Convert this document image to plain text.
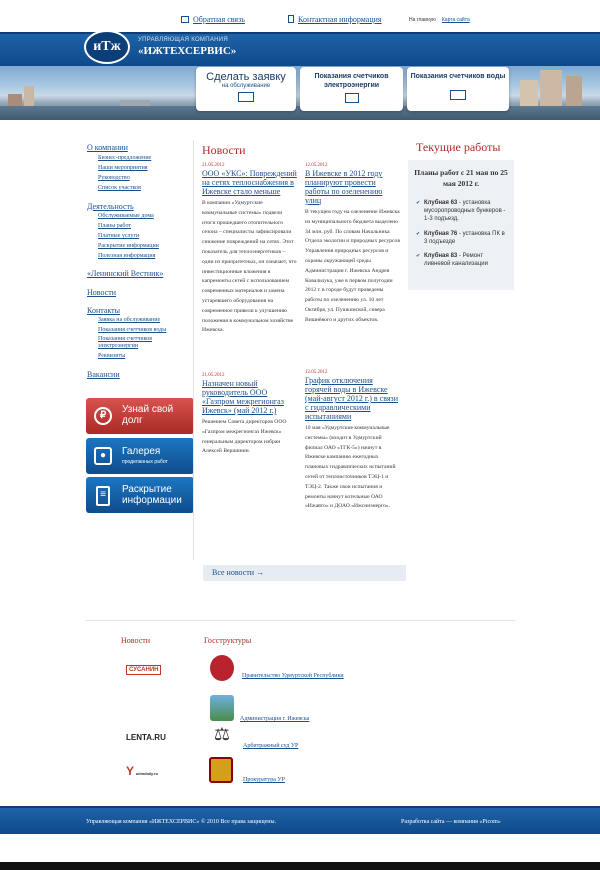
Обратная связь	Контактная информация	На главную Карта сайта
иТж	УПРАВЛЯЮЩАЯ КОМПАНИЯ
«ИЖТЕХСЕРВИС»
Сделать заявку
на обслуживание
Показания счетчиков электроэнергии
Показания счетчиков воды
О компании
Бизнес-предложение
Наши мероприятия
Руководство
Список участков
Деятельность
Обслуживаемые дома
Планы работ
Платные услуги
Раскрытие информации
Полезная информация
«Ленинский Вестник»
Новости
Контакты
Заявка на обслуживание
Показания счетчиков воды
Показания счетчиков электроэнергии
Реквизиты
Вакансии
₽
Узнай свой долг
●	Галерея
проделанных работ
≡	Раскрытие информации
Новости
21.05.2012
ООО «УКС»: Повреждений на сетях теплоснабжения в Ижевске стало меньше
В компании «Удмуртские коммунальные системы» подвели итоги прошедшего отопительного сезона – специалисты зафиксировали снижение повреждений на сетях. Этот показатель для теплоэнергетиков – одни из приоритетных, он означает, что инвестиционные вложения в капремонты сетей с использованием современных материалов и замена устаревшего оборудования на современное привели к улучшению положения в коммунальном хозяйстве Ижевска.
21.05.2012
Назначен новый руководитель ООО «Газпром межрегионгаз Ижевск» (май 2012 г.)
Решением Совета директоров ООО «Газпром межрегионгаз Ижевск» генеральным директором избран Алексей Вершинин.
12.05.2012
В Ижевске в 2012 году планируют провести работы по озеленению улиц
В текущем году на озеленение Ижевска из муниципального бюджета выделено 34 млн. руб. По словам Начальника Отдела экологии и природных ресурсов Управления природных ресурсов и охраны окружающей среды Администрации г. Ижевска Андрея Ковальчука, уже в первом полугодии 2012 г. в городе будут проведены работы по озеленению ул. 10 лет Октября, ул. Пушкинской, сквера Вишнёвого и других объектов.
12.05.2012
График отключения горячей воды в Ижевске (май-август 2012 г.) в связи с гидравлическими испытаниями
10 мая «Удмуртские коммунальные системы» (входит в Удмуртский филиал ОАО «ТГК-5») начнут в Ижевске кампанию ежегодных плановых гидравлических испытаний сетей от теплоисточников ТЭЦ-1 и ТЭЦ-2. Также свои испытания и ремонты начнут котельные ОАО «Ижавто» и ДОАО «Ижсинэнерго».
Все новости →
Текущие работы
Планы работ с 21 мая по 25 мая 2012 г.
✔ Клубная 63 - установка мусоропроводных бункеров - 1-3 подъезд.
✔ Клубная 76 - установка ПК в 3 подъезде
✔ Клубная 83 - Ремонт ливневой канализации
Новости	Госструктуры
СУСАНИН
LENTA.RU
Y udmdaily.ru
Правительство Удмуртской Республики
Администрация г. Ижевска
⚖
Арбитражный суд УР
Прокуратура УР
Управляющая компания «ИЖТЕХСЕРВИС» © 2010 Все права защищены.	Разработка сайта — компания «Picom»
